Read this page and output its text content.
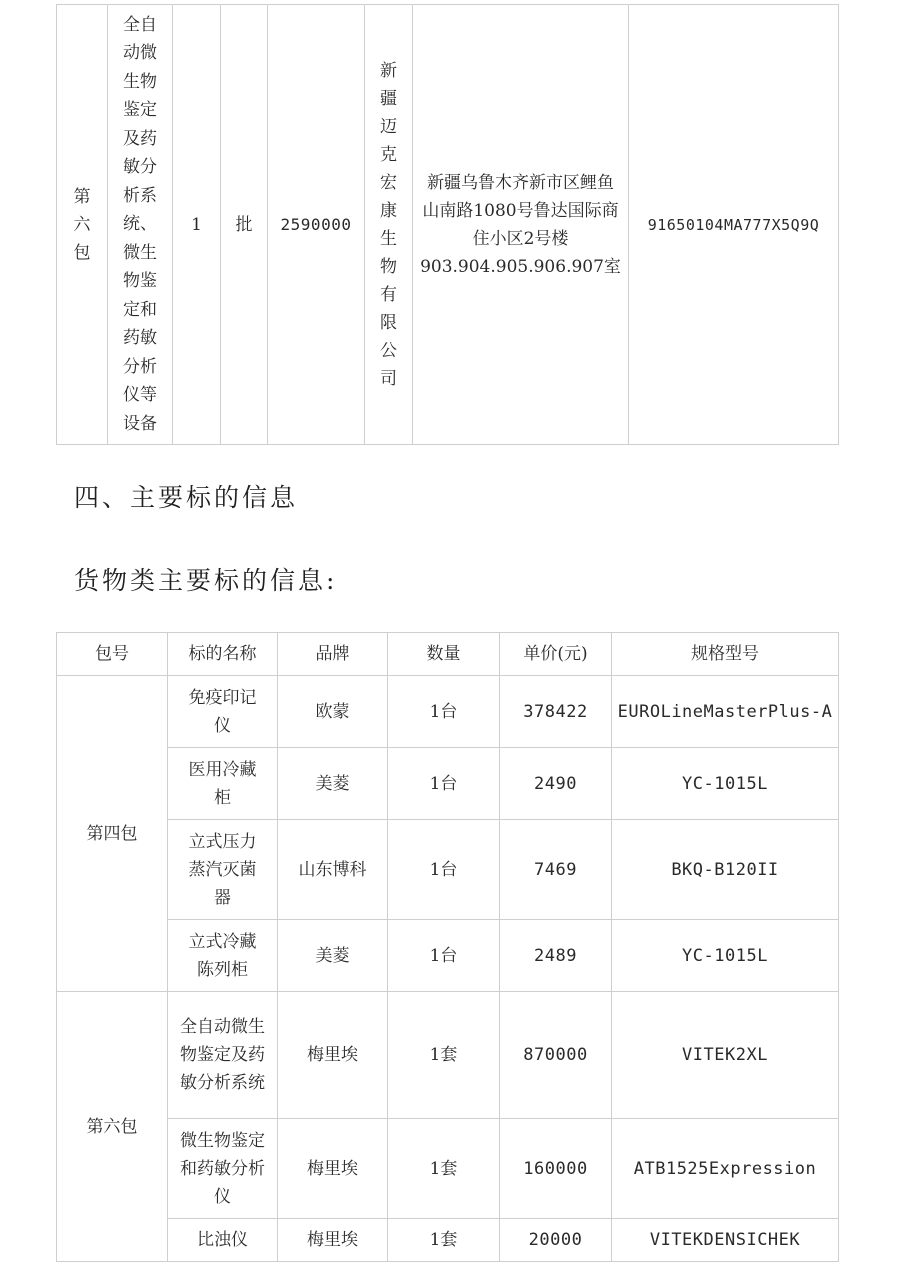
第六包	全自动微生物鉴定及药敏分析系统、微生物鉴定和药敏分析仪等设备	1	批	2590000	新疆迈克宏康生物有限公司	新疆乌鲁木齐新市区鲤鱼山南路1080号鲁达国际商住小区2号楼903.904.905.906.907室	91650104MA777X5Q9Q
四、主要标的信息
货物类主要标的信息:
包号	标的名称	品牌	数量	单价(元)	规格型号
第四包	免疫印记仪	欧蒙	1台	378422	EUROLineMasterPlus-A
	医用冷藏柜	美菱	1台	2490	YC-1015L
	立式压力蒸汽灭菌器	山东博科	1台	7469	BKQ-B120II
	立式冷藏陈列柜	美菱	1台	2489	YC-1015L
第六包	全自动微生物鉴定及药敏分析系统	梅里埃	1套	870000	VITEK2XL
	微生物鉴定和药敏分析仪	梅里埃	1套	160000	ATB1525Expression
	比浊仪	梅里埃	1套	20000	VITEKDENSICHEK
